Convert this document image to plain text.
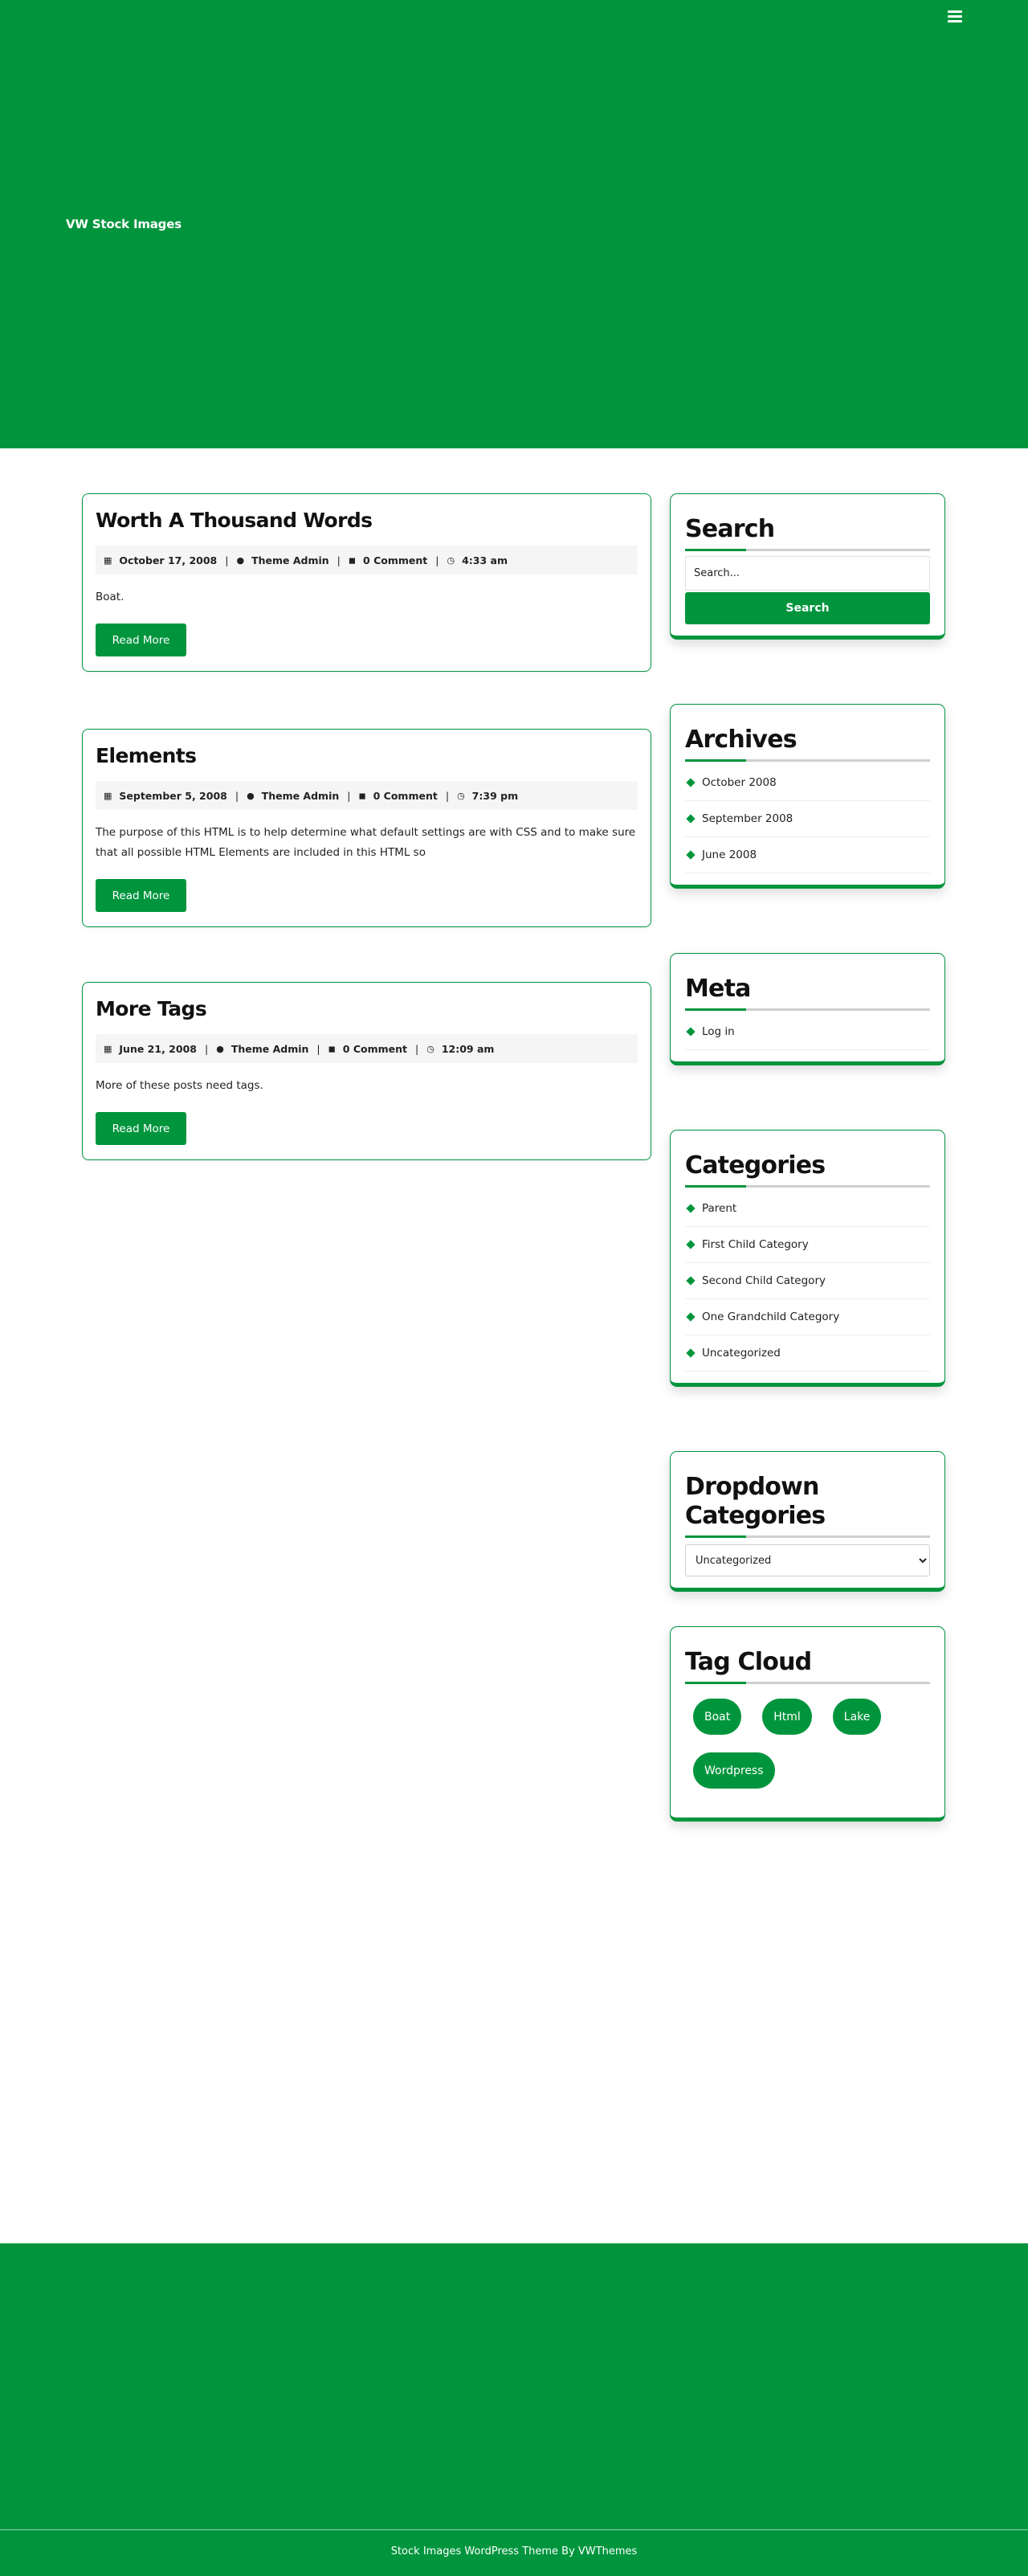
VW Stock Images
Worth A Thousand Words
▦ October 17, 2008 | ● Theme Admin | ◼ 0 Comment | ◷ 4:33 am

Boat.

Read More
Elements
▦ September 5, 2008 | ● Theme Admin | ◼ 0 Comment | ◷ 7:39 pm

The purpose of this HTML is to help determine what default settings are with CSS and to make sure that all possible HTML Elements are included in this HTML so

Read More
More Tags
▦ June 21, 2008 | ● Theme Admin | ◼ 0 Comment | ◷ 12:09 am

More of these posts need tags.

Read More
Search
Search...
Search
Archives
October 2008
September 2008
June 2008
Meta
Log in
Categories
Parent
First Child Category
Second Child Category
One Grandchild Category
Uncategorized
Dropdown Categories
Uncategorized
Tag Cloud
Boat	Html	Lake
Wordpress

Stock Images WordPress Theme By VWThemes
